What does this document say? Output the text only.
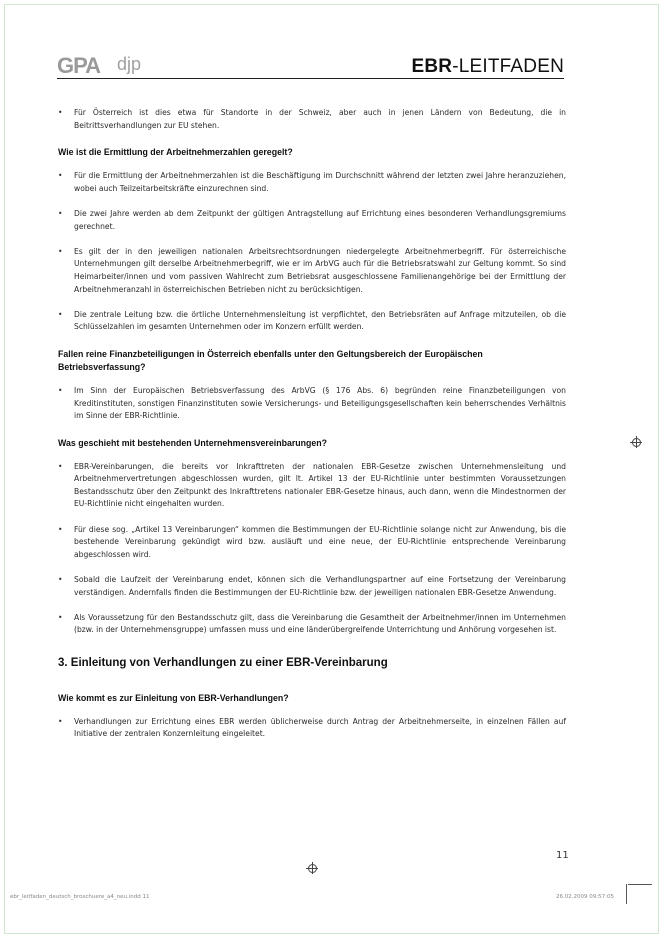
GPA djp	EBR-LEITFADEN
• Für Österreich ist dies etwa für Standorte in der Schweiz, aber auch in jenen Ländern von Bedeutung, die in Beitrittsverhandlungen zur EU stehen.
Wie ist die Ermittlung der Arbeitnehmerzahlen geregelt?
• Für die Ermittlung der Arbeitnehmerzahlen ist die Beschäftigung im Durchschnitt während der letzten zwei Jahre heranzuziehen, wobei auch Teilzeitarbeitskräfte einzurechnen sind.
• Die zwei Jahre werden ab dem Zeitpunkt der gültigen Antragstellung auf Errichtung eines besonderen Verhandlungsgremiums gerechnet.
• Es gilt der in den jeweiligen nationalen Arbeitsrechtsordnungen niedergelegte Arbeitnehmerbegriff. Für österreichische Unternehmungen gilt derselbe Arbeitnehmerbegriff, wie er im ArbVG auch für die Betriebsratswahl zur Geltung kommt. So sind Heimarbeiter/innen und vom passiven Wahlrecht zum Betriebsrat ausgeschlossene Familienangehörige bei der Ermittlung der Arbeitnehmeranzahl in österreichischen Betrieben nicht zu berücksichtigen.
• Die zentrale Leitung bzw. die örtliche Unternehmensleitung ist verpflichtet, den Betriebsräten auf Anfrage mitzuteilen, ob die Schlüsselzahlen im gesamten Unternehmen oder im Konzern erfüllt werden.
Fallen reine Finanzbeteiligungen in Österreich ebenfalls unter den Geltungsbereich der Europäischen Betriebsverfassung?
• Im Sinn der Europäischen Betriebsverfassung des ArbVG (§ 176 Abs. 6) begründen reine Finanzbeteiligungen von Kreditinstituten, sonstigen Finanzinstituten sowie Versicherungs- und Beteiligungsgesellschaften kein beherrschendes Verhältnis im Sinne der EBR-Richtlinie.
Was geschieht mit bestehenden Unternehmensvereinbarungen?
• EBR-Vereinbarungen, die bereits vor Inkrafttreten der nationalen EBR-Gesetze zwischen Unternehmensleitung und Arbeitnehmervertretungen abgeschlossen wurden, gilt lt. Artikel 13 der EU-Richtlinie unter bestimmten Voraussetzungen Bestandsschutz über den Zeitpunkt des Inkrafttretens nationaler EBR-Gesetze hinaus, auch dann, wenn die Mindestnormen der EU-Richtlinie nicht eingehalten wurden.
• Für diese sog. „Artikel 13 Vereinbarungen“ kommen die Bestimmungen der EU-Richtlinie solange nicht zur Anwendung, bis die bestehende Vereinbarung gekündigt wird bzw. ausläuft und eine neue, der EU-Richtlinie entsprechende Vereinbarung abgeschlossen wird.
• Sobald die Laufzeit der Vereinbarung endet, können sich die Verhandlungspartner auf eine Fortsetzung der Vereinbarung verständigen. Andernfalls finden die Bestimmungen der EU-Richtlinie bzw. der jeweiligen nationalen EBR-Gesetze Anwendung.
• Als Voraussetzung für den Bestandsschutz gilt, dass die Vereinbarung die Gesamtheit der Arbeitnehmer/innen im Unternehmen (bzw. in der Unternehmensgruppe) umfassen muss und eine länderübergreifende Unterrichtung und Anhörung vorgesehen ist.
3. Einleitung von Verhandlungen zu einer EBR-Vereinbarung
Wie kommt es zur Einleitung von EBR-Verhandlungen?
• Verhandlungen zur Errichtung eines EBR werden üblicherweise durch Antrag der Arbeitnehmerseite, in einzelnen Fällen auf Initiative der zentralen Konzernleitung eingeleitet.
11
ebr_leitfaden_deutsch_broschuere_a4_neu.indd 11	26.02.2009 09:57:05
